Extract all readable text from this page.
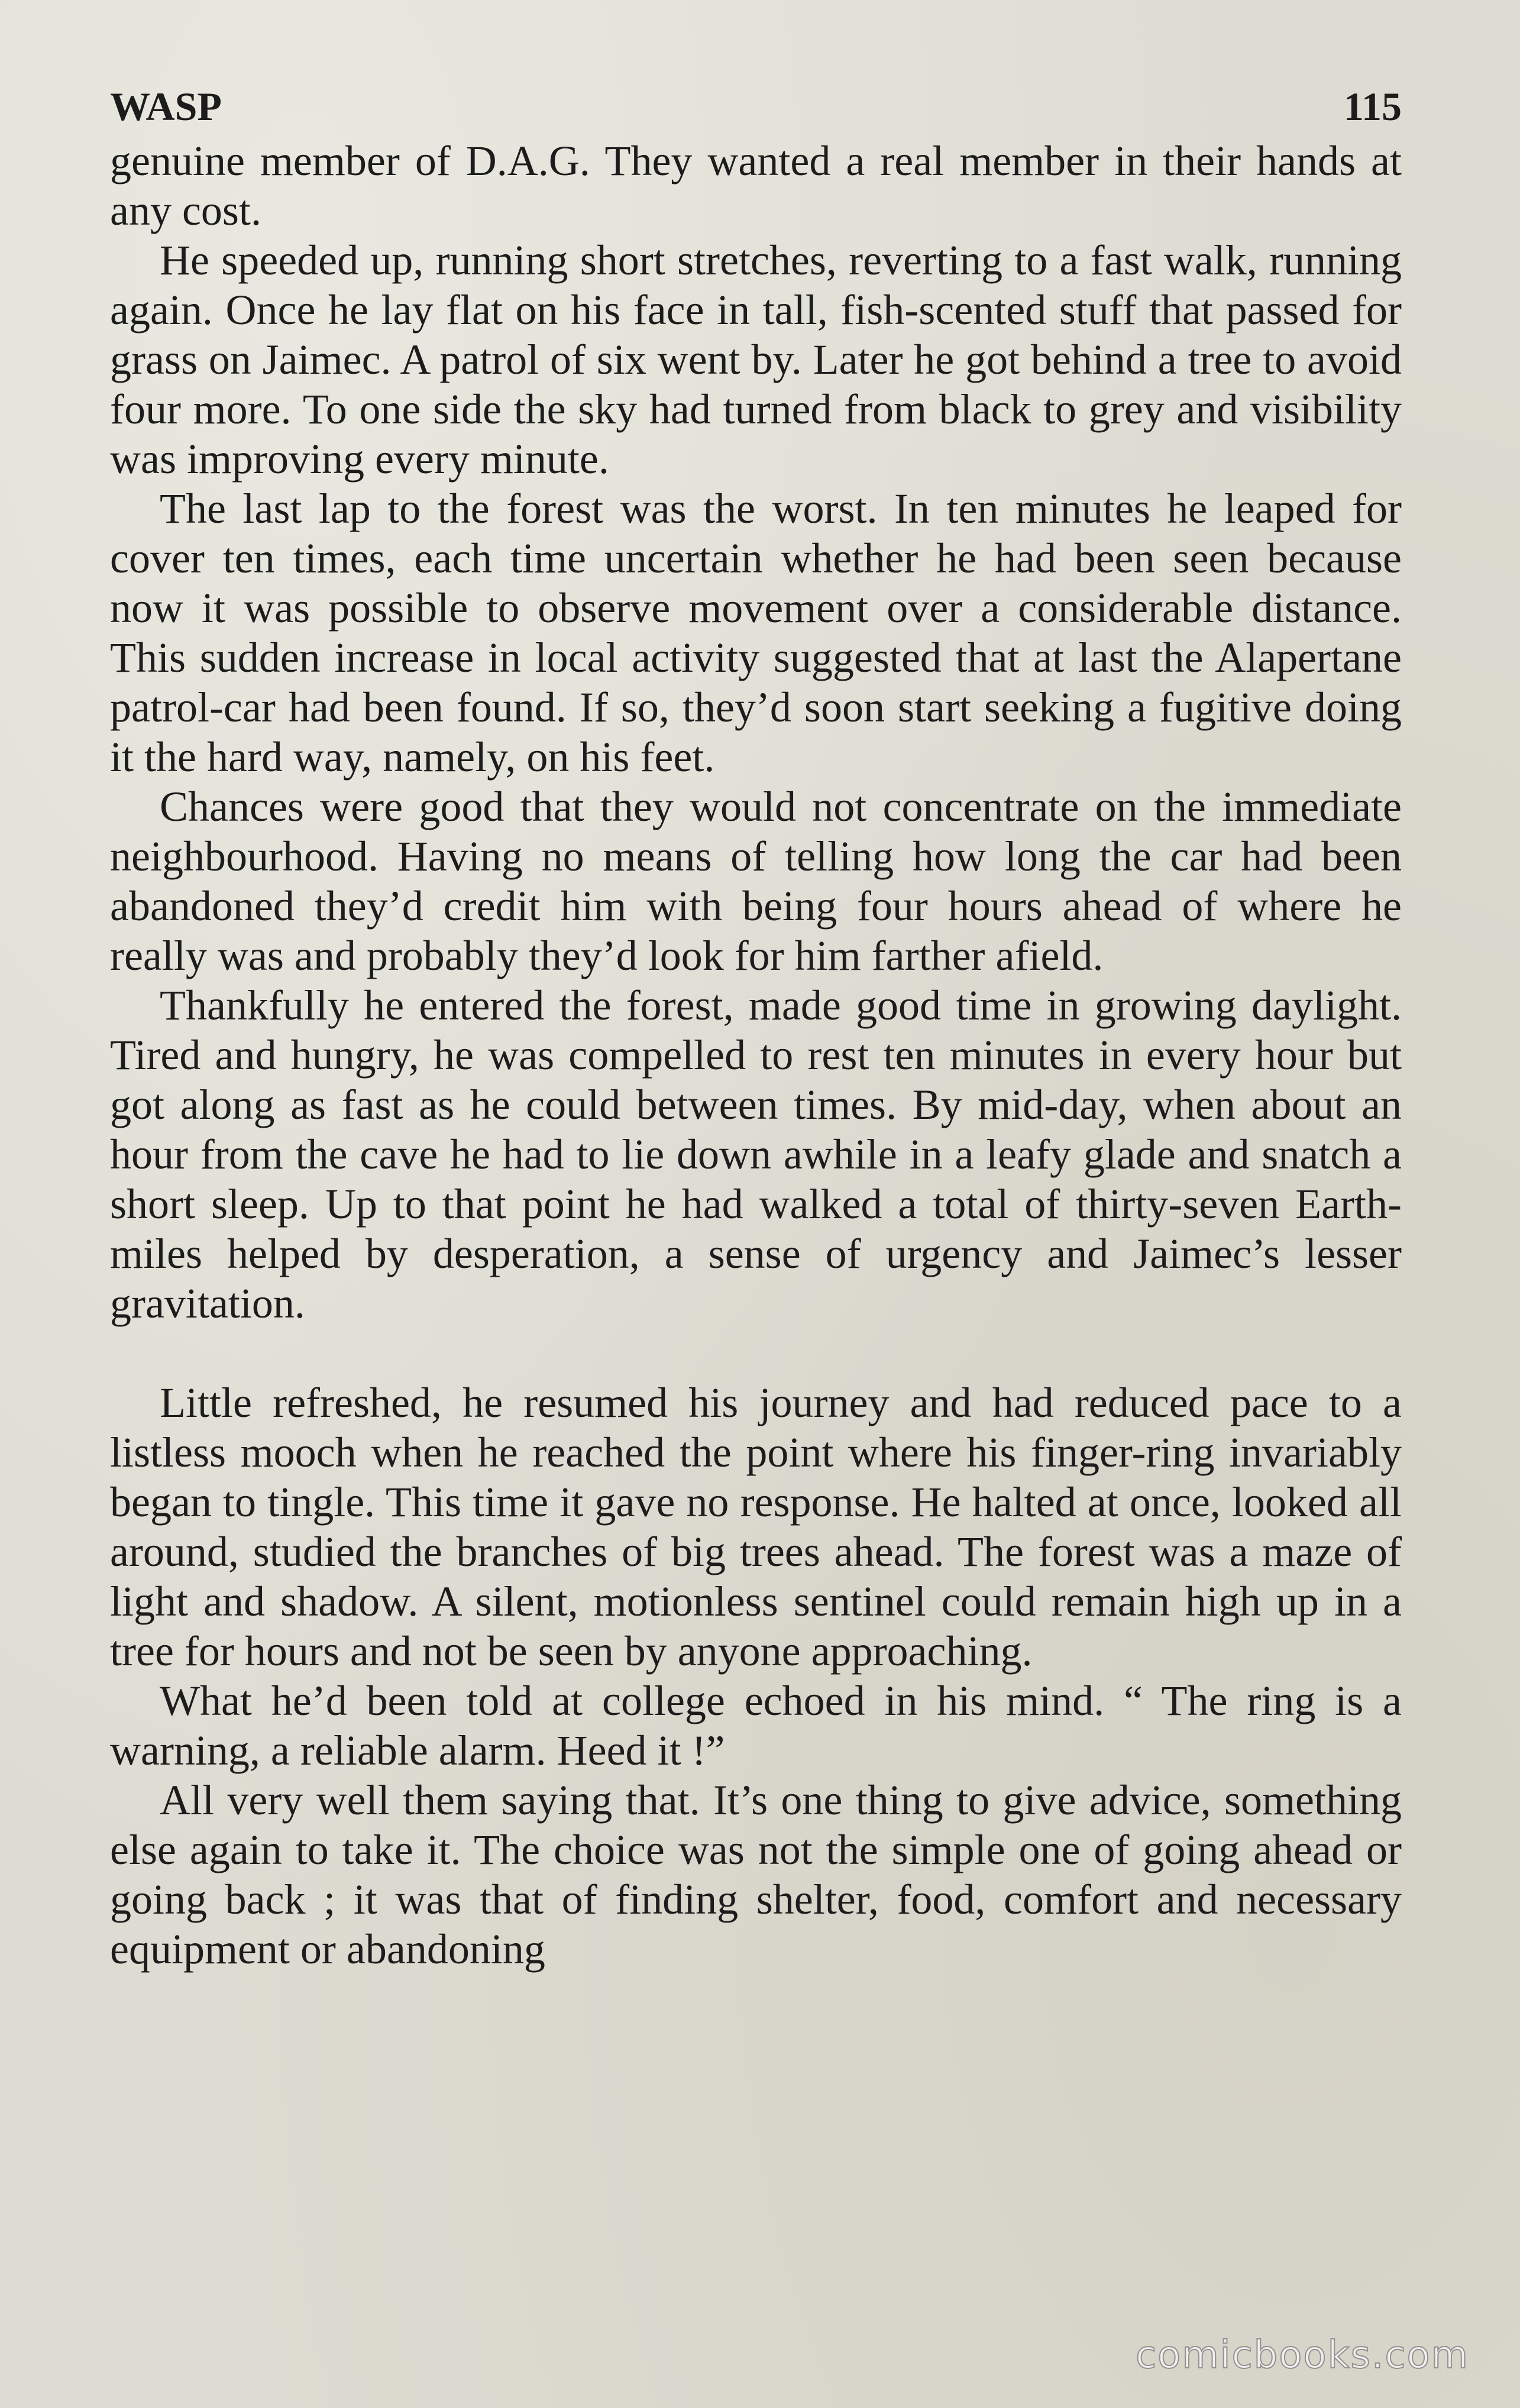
WASP	115

genuine member of D.A.G. They wanted a real member in their hands at any cost.

He speeded up, running short stretches, reverting to a fast walk, running again. Once he lay flat on his face in tall, fish-scented stuff that passed for grass on Jaimec. A patrol of six went by. Later he got behind a tree to avoid four more. To one side the sky had turned from black to grey and visibility was improving every minute.

The last lap to the forest was the worst. In ten minutes he leaped for cover ten times, each time uncertain whether he had been seen because now it was possible to observe movement over a considerable distance. This sudden increase in local activity suggested that at last the Alapertane patrol-car had been found. If so, they’d soon start seeking a fugitive doing it the hard way, namely, on his feet.

Chances were good that they would not concentrate on the immediate neighbourhood. Having no means of telling how long the car had been abandoned they’d credit him with being four hours ahead of where he really was and probably they’d look for him farther afield.

Thankfully he entered the forest, made good time in growing daylight. Tired and hungry, he was compelled to rest ten minutes in every hour but got along as fast as he could between times. By mid-day, when about an hour from the cave he had to lie down awhile in a leafy glade and snatch a short sleep. Up to that point he had walked a total of thirty-seven Earth-miles helped by desperation, a sense of urgency and Jaimec’s lesser gravitation.

Little refreshed, he resumed his journey and had reduced pace to a listless mooch when he reached the point where his finger-ring invariably began to tingle. This time it gave no response. He halted at once, looked all around, studied the branches of big trees ahead. The forest was a maze of light and shadow. A silent, motionless sentinel could remain high up in a tree for hours and not be seen by anyone approaching.

What he’d been told at college echoed in his mind. “ The ring is a warning, a reliable alarm. Heed it !”

All very well them saying that. It’s one thing to give advice, something else again to take it. The choice was not the simple one of going ahead or going back ; it was that of finding shelter, food, comfort and necessary equipment or abandoning

comicbooks.com
